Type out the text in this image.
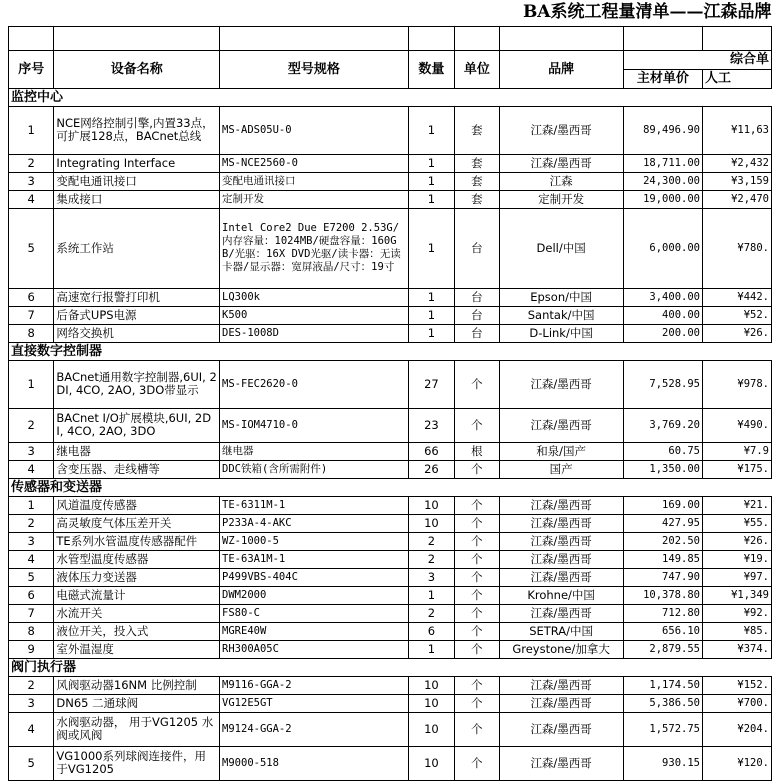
BA系统工程量清单——江森品牌							

序号	设备名称	型号规格	数量	单位	品牌	综合单	
						主材单价	人工
监控中心							
1	NCE网络控制引擎,内置33点，可扩展128点，BACnet总线	MS-ADS05U-0	1	套	江森/墨西哥	89,496.90	¥11,63
2	Integrating Interface	MS-NCE2560-0	1	套	江森/墨西哥	18,711.00	¥2,432
3	变配电通讯接口	变配电通讯接口	1	套	江森	24,300.00	¥3,159
4	集成接口	定制开发	1	套	定制开发	19,000.00	¥2,470
5	系统工作站	Intel Core2 Due E7200 2.53G/内存容量：1024MB/硬盘容量：160GB/光驱：16X DVD光驱/读卡器：无读卡器/显示器：宽屏液晶/尺寸：19寸	1	台	Dell/中国	6,000.00	¥780.
6	高速宽行报警打印机	LQ300k	1	台	Epson/中国	3,400.00	¥442.
7	后备式UPS电源	K500	1	台	Santak/中国	400.00	¥52.
8	网络交换机	DES-1008D	1	台	D-Link/中国	200.00	¥26.
直接数字控制器							
1	BACnet通用数字控制器,6UI, 2DI, 4CO, 2AO, 3DO带显示	MS-FEC2620-0	27	个	江森/墨西哥	7,528.95	¥978.
2	BACnet I/O扩展模块,6UI, 2DI, 4CO, 2AO, 3DO	MS-IOM4710-0	23	个	江森/墨西哥	3,769.20	¥490.
3	继电器	继电器	66	根	和泉/国产	60.75	¥7.9
4	含变压器、走线槽等	DDC铁箱(含所需附件)	26	个	国产	1,350.00	¥175.
传感器和变送器							
1	风道温度传感器	TE-6311M-1	10	个	江森/墨西哥	169.00	¥21.
2	高灵敏度气体压差开关	P233A-4-AKC	10	个	江森/墨西哥	427.95	¥55.
3	TE系列水管温度传感器配件	WZ-1000-5	2	个	江森/墨西哥	202.50	¥26.
4	水管型温度传感器	TE-63A1M-1	2	个	江森/墨西哥	149.85	¥19.
5	液体压力变送器	P499VBS-404C	3	个	江森/墨西哥	747.90	¥97.
6	电磁式流量计	DWM2000	1	个	Krohne/中国	10,378.80	¥1,349
7	水流开关	FS80-C	2	个	江森/墨西哥	712.80	¥92.
8	液位开关，投入式	MGRE40W	6	个	SETRA/中国	656.10	¥85.
9	室外温湿度	RH300A05C	1	个	Greystone/加拿大	2,879.55	¥374.
阀门执行器							
2	风阀驱动器16NM 比例控制	M9116-GGA-2	10	个	江森/墨西哥	1,174.50	¥152.
3	DN65 二通球阀	VG12E5GT	10	个	江森/墨西哥	5,386.50	¥700.
4	水阀驱动器， 用于VG1205 水阀或风阀	M9124-GGA-2	10	个	江森/墨西哥	1,572.75	¥204.
5	VG1000系列球阀连接件，用于VG1205	M9000-518	10	个	江森/墨西哥	930.15	¥120.
